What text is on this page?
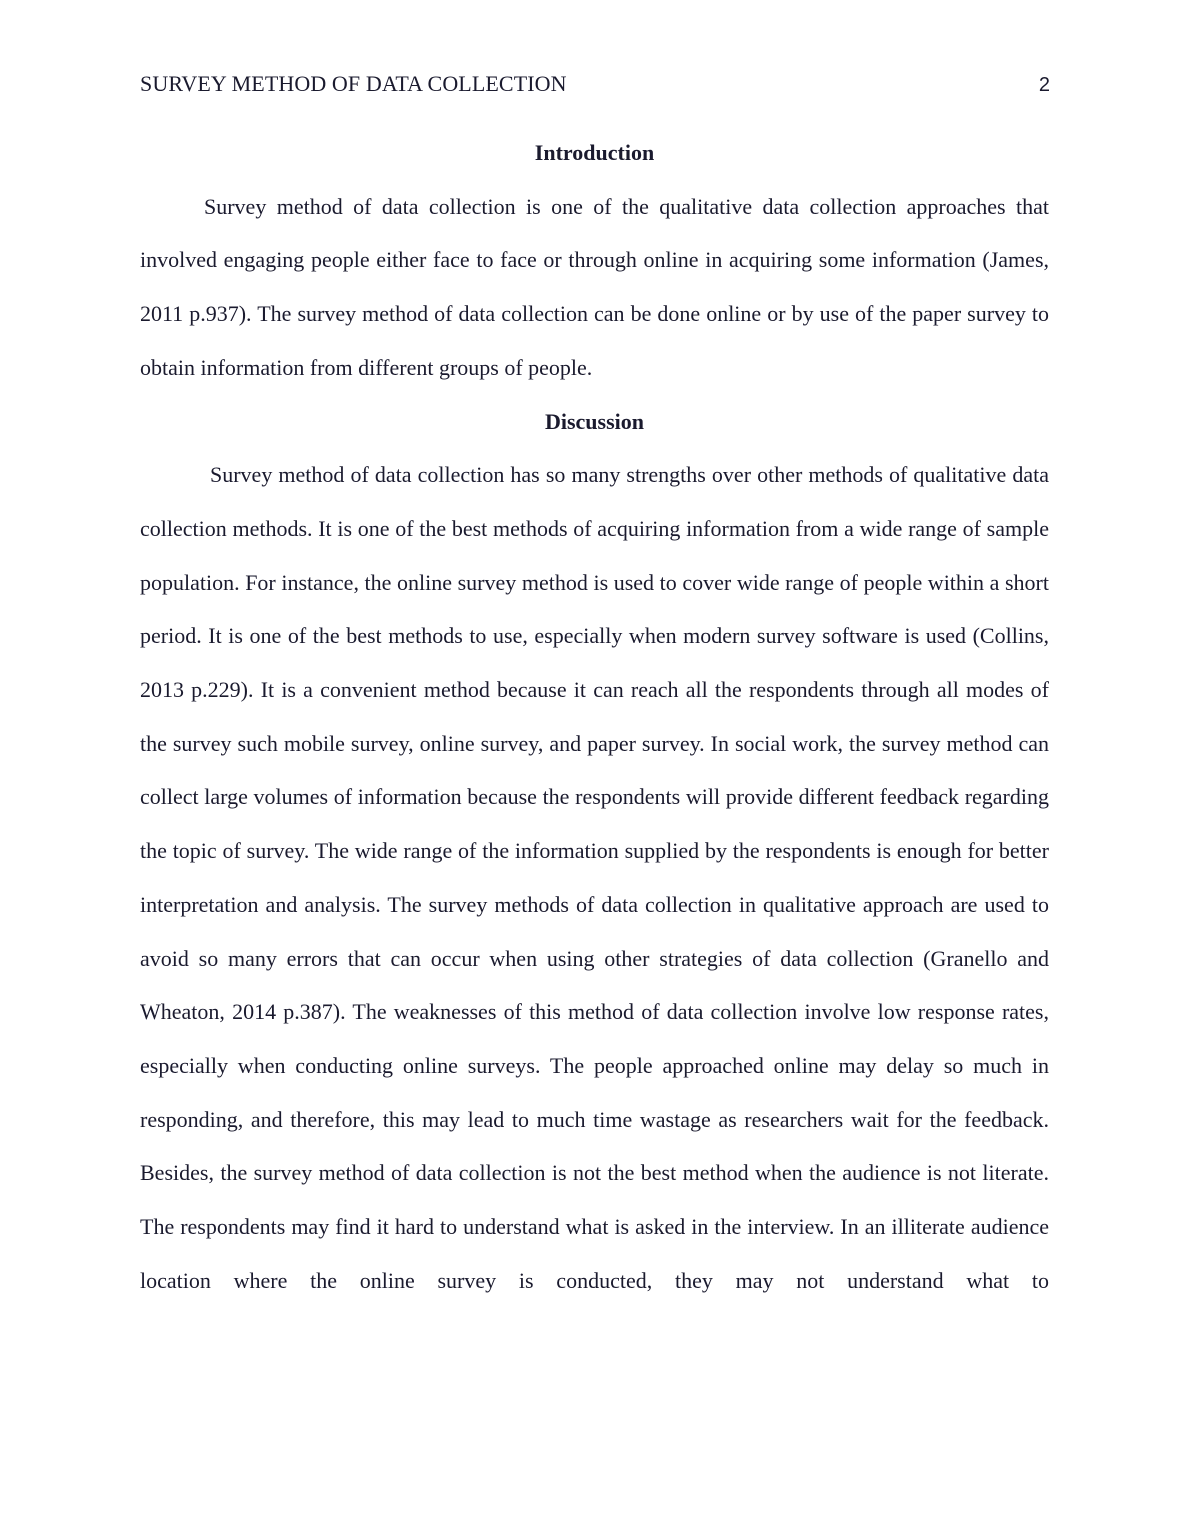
SURVEY METHOD OF DATA COLLECTION	2
Introduction

Survey method of data collection is one of the qualitative data collection approaches that involved engaging people either face to face or through online in acquiring some information (James, 2011 p.937). The survey method of data collection can be done online or by use of the paper survey to obtain information from different groups of people.

Discussion

Survey method of data collection has so many strengths over other methods of qualitative data collection methods. It is one of the best methods of acquiring information from a wide range of sample population. For instance, the online survey method is used to cover wide range of people within a short period. It is one of the best methods to use, especially when modern survey software is used (Collins, 2013 p.229). It is a convenient method because it can reach all the respondents through all modes of the survey such mobile survey, online survey, and paper survey. In social work, the survey method can collect large volumes of information because the respondents will provide different feedback regarding the topic of survey. The wide range of the information supplied by the respondents is enough for better interpretation and analysis. The survey methods of data collection in qualitative approach are used to avoid so many errors that can occur when using other strategies of data collection (Granello and Wheaton, 2014 p.387). The weaknesses of this method of data collection involve low response rates, especially when conducting online surveys. The people approached online may delay so much in responding, and therefore, this may lead to much time wastage as researchers wait for the feedback. Besides, the survey method of data collection is not the best method when the audience is not literate. The respondents may find it hard to understand what is asked in the interview. In an illiterate audience location where the online survey is conducted, they may not understand what to
